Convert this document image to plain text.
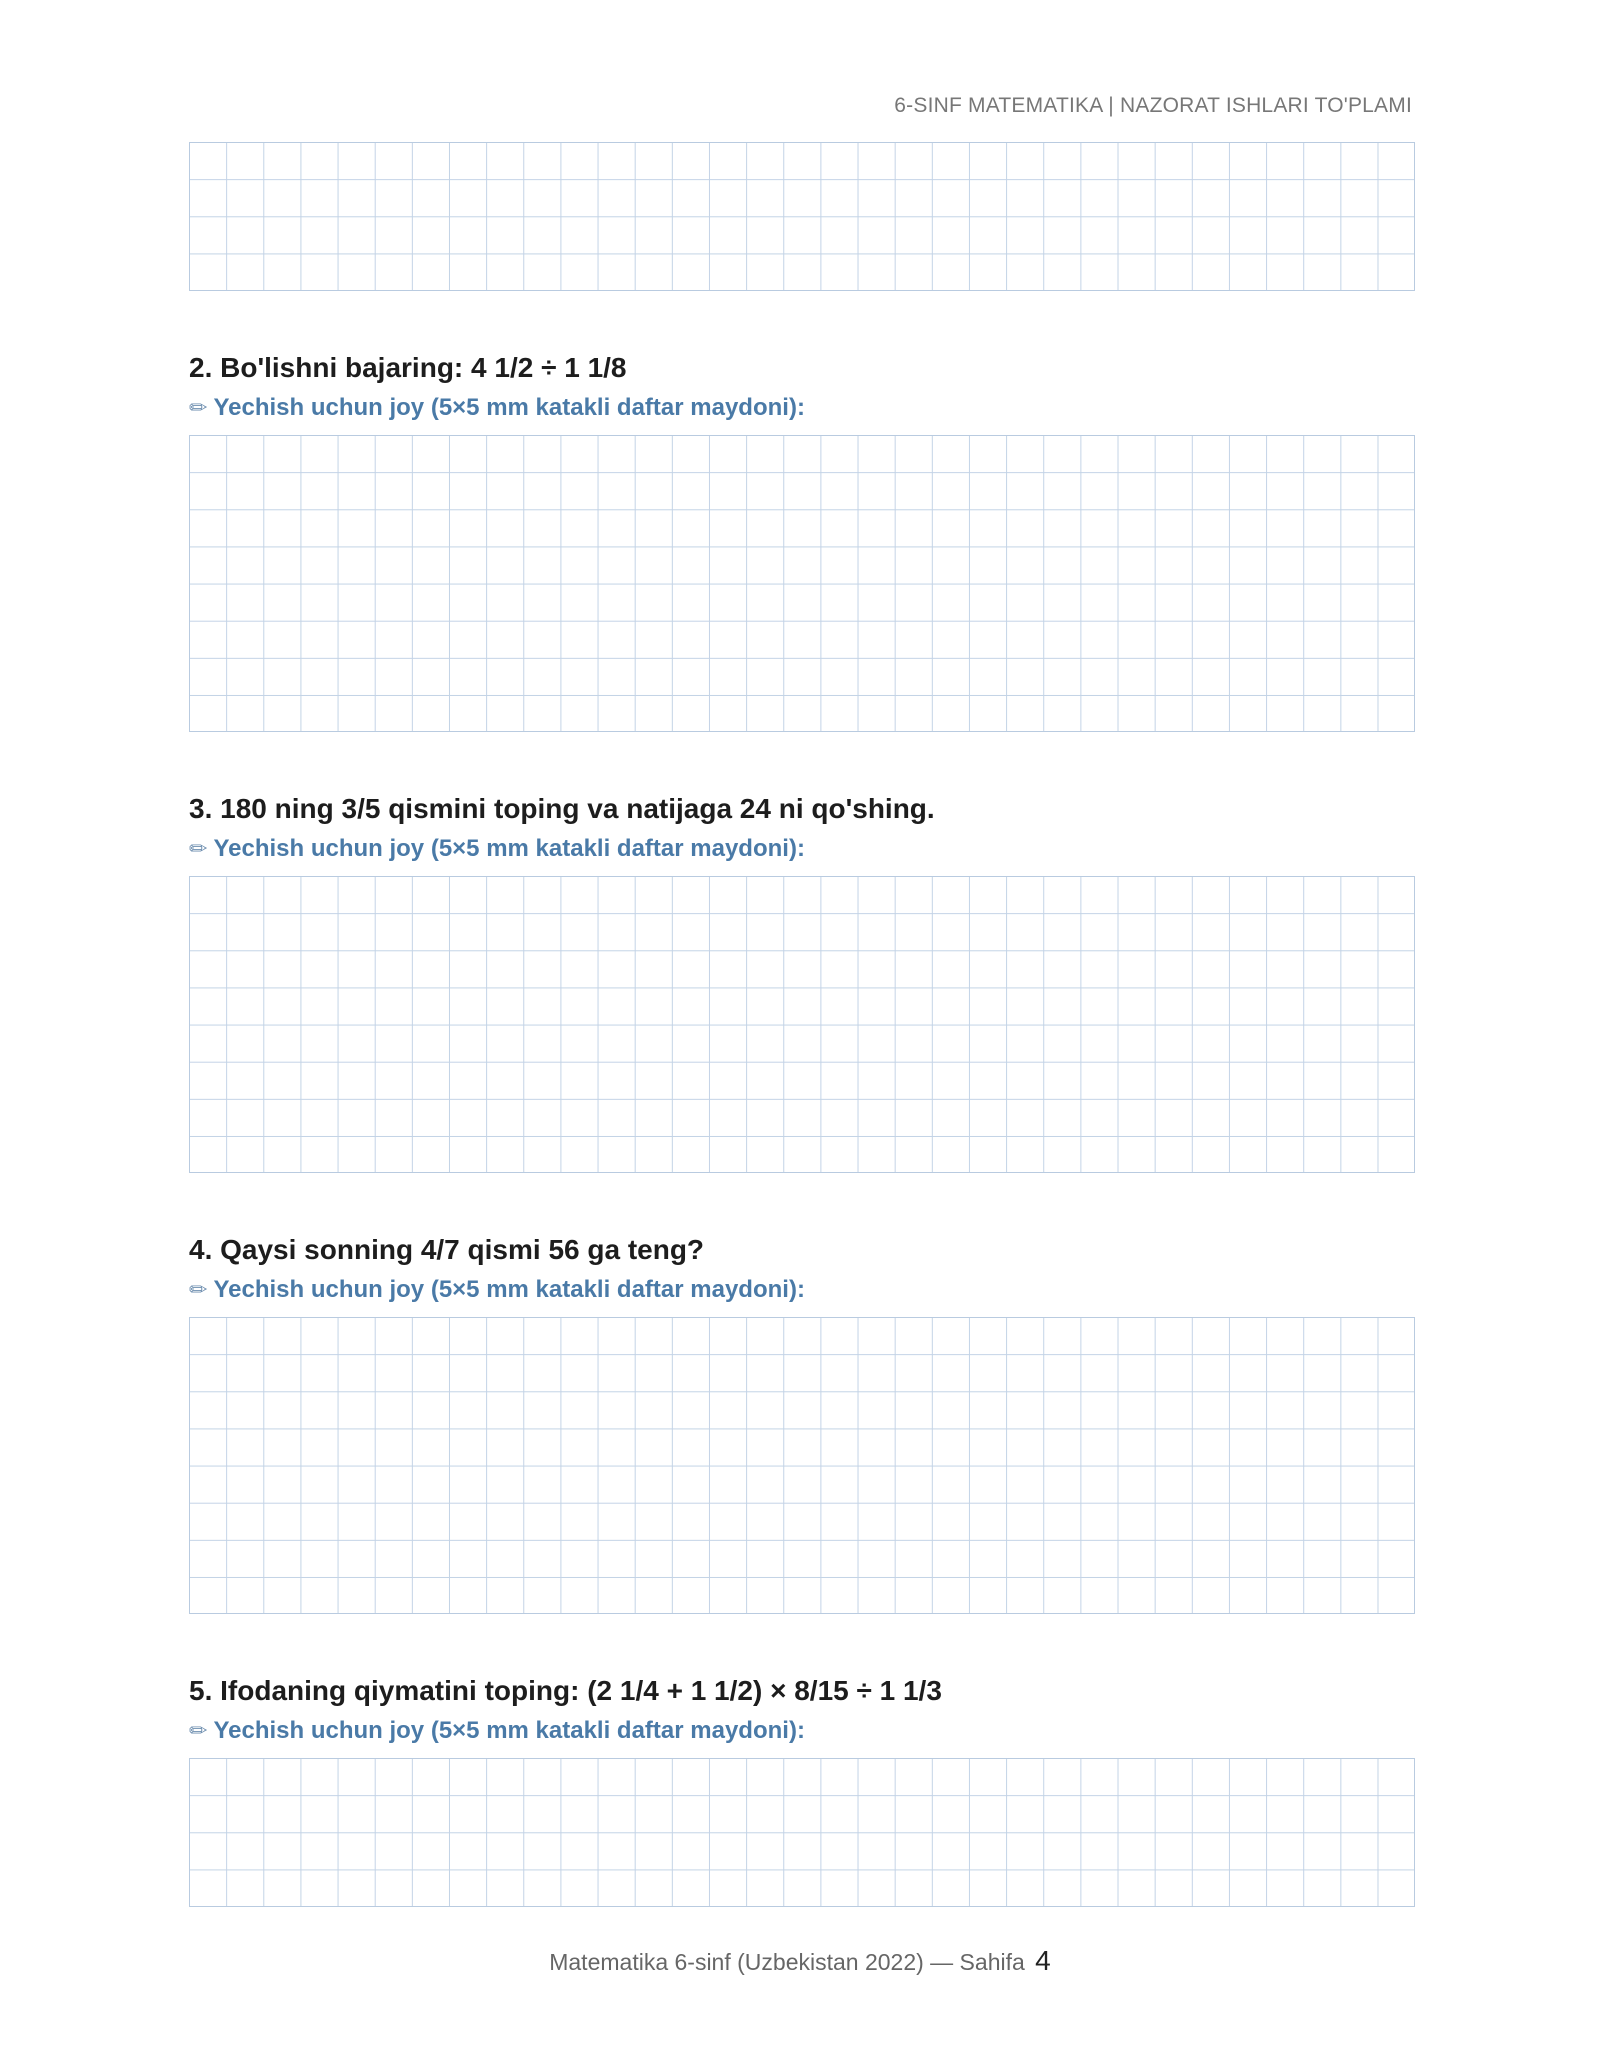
6-SINF MATEMATIKA | NAZORAT ISHLARI TO'PLAMI
2. Bo'lishni bajaring: 4 1/2 ÷ 1 1/8
✏ Yechish uchun joy (5×5 mm katakli daftar maydoni):
3. 180 ning 3/5 qismini toping va natijaga 24 ni qo'shing.
✏ Yechish uchun joy (5×5 mm katakli daftar maydoni):
4. Qaysi sonning 4/7 qismi 56 ga teng?
✏ Yechish uchun joy (5×5 mm katakli daftar maydoni):
5. Ifodaning qiymatini toping: (2 1/4 + 1 1/2) × 8/15 ÷ 1 1/3
✏ Yechish uchun joy (5×5 mm katakli daftar maydoni):
Matematika 6-sinf (Uzbekistan 2022) — Sahifa 4
